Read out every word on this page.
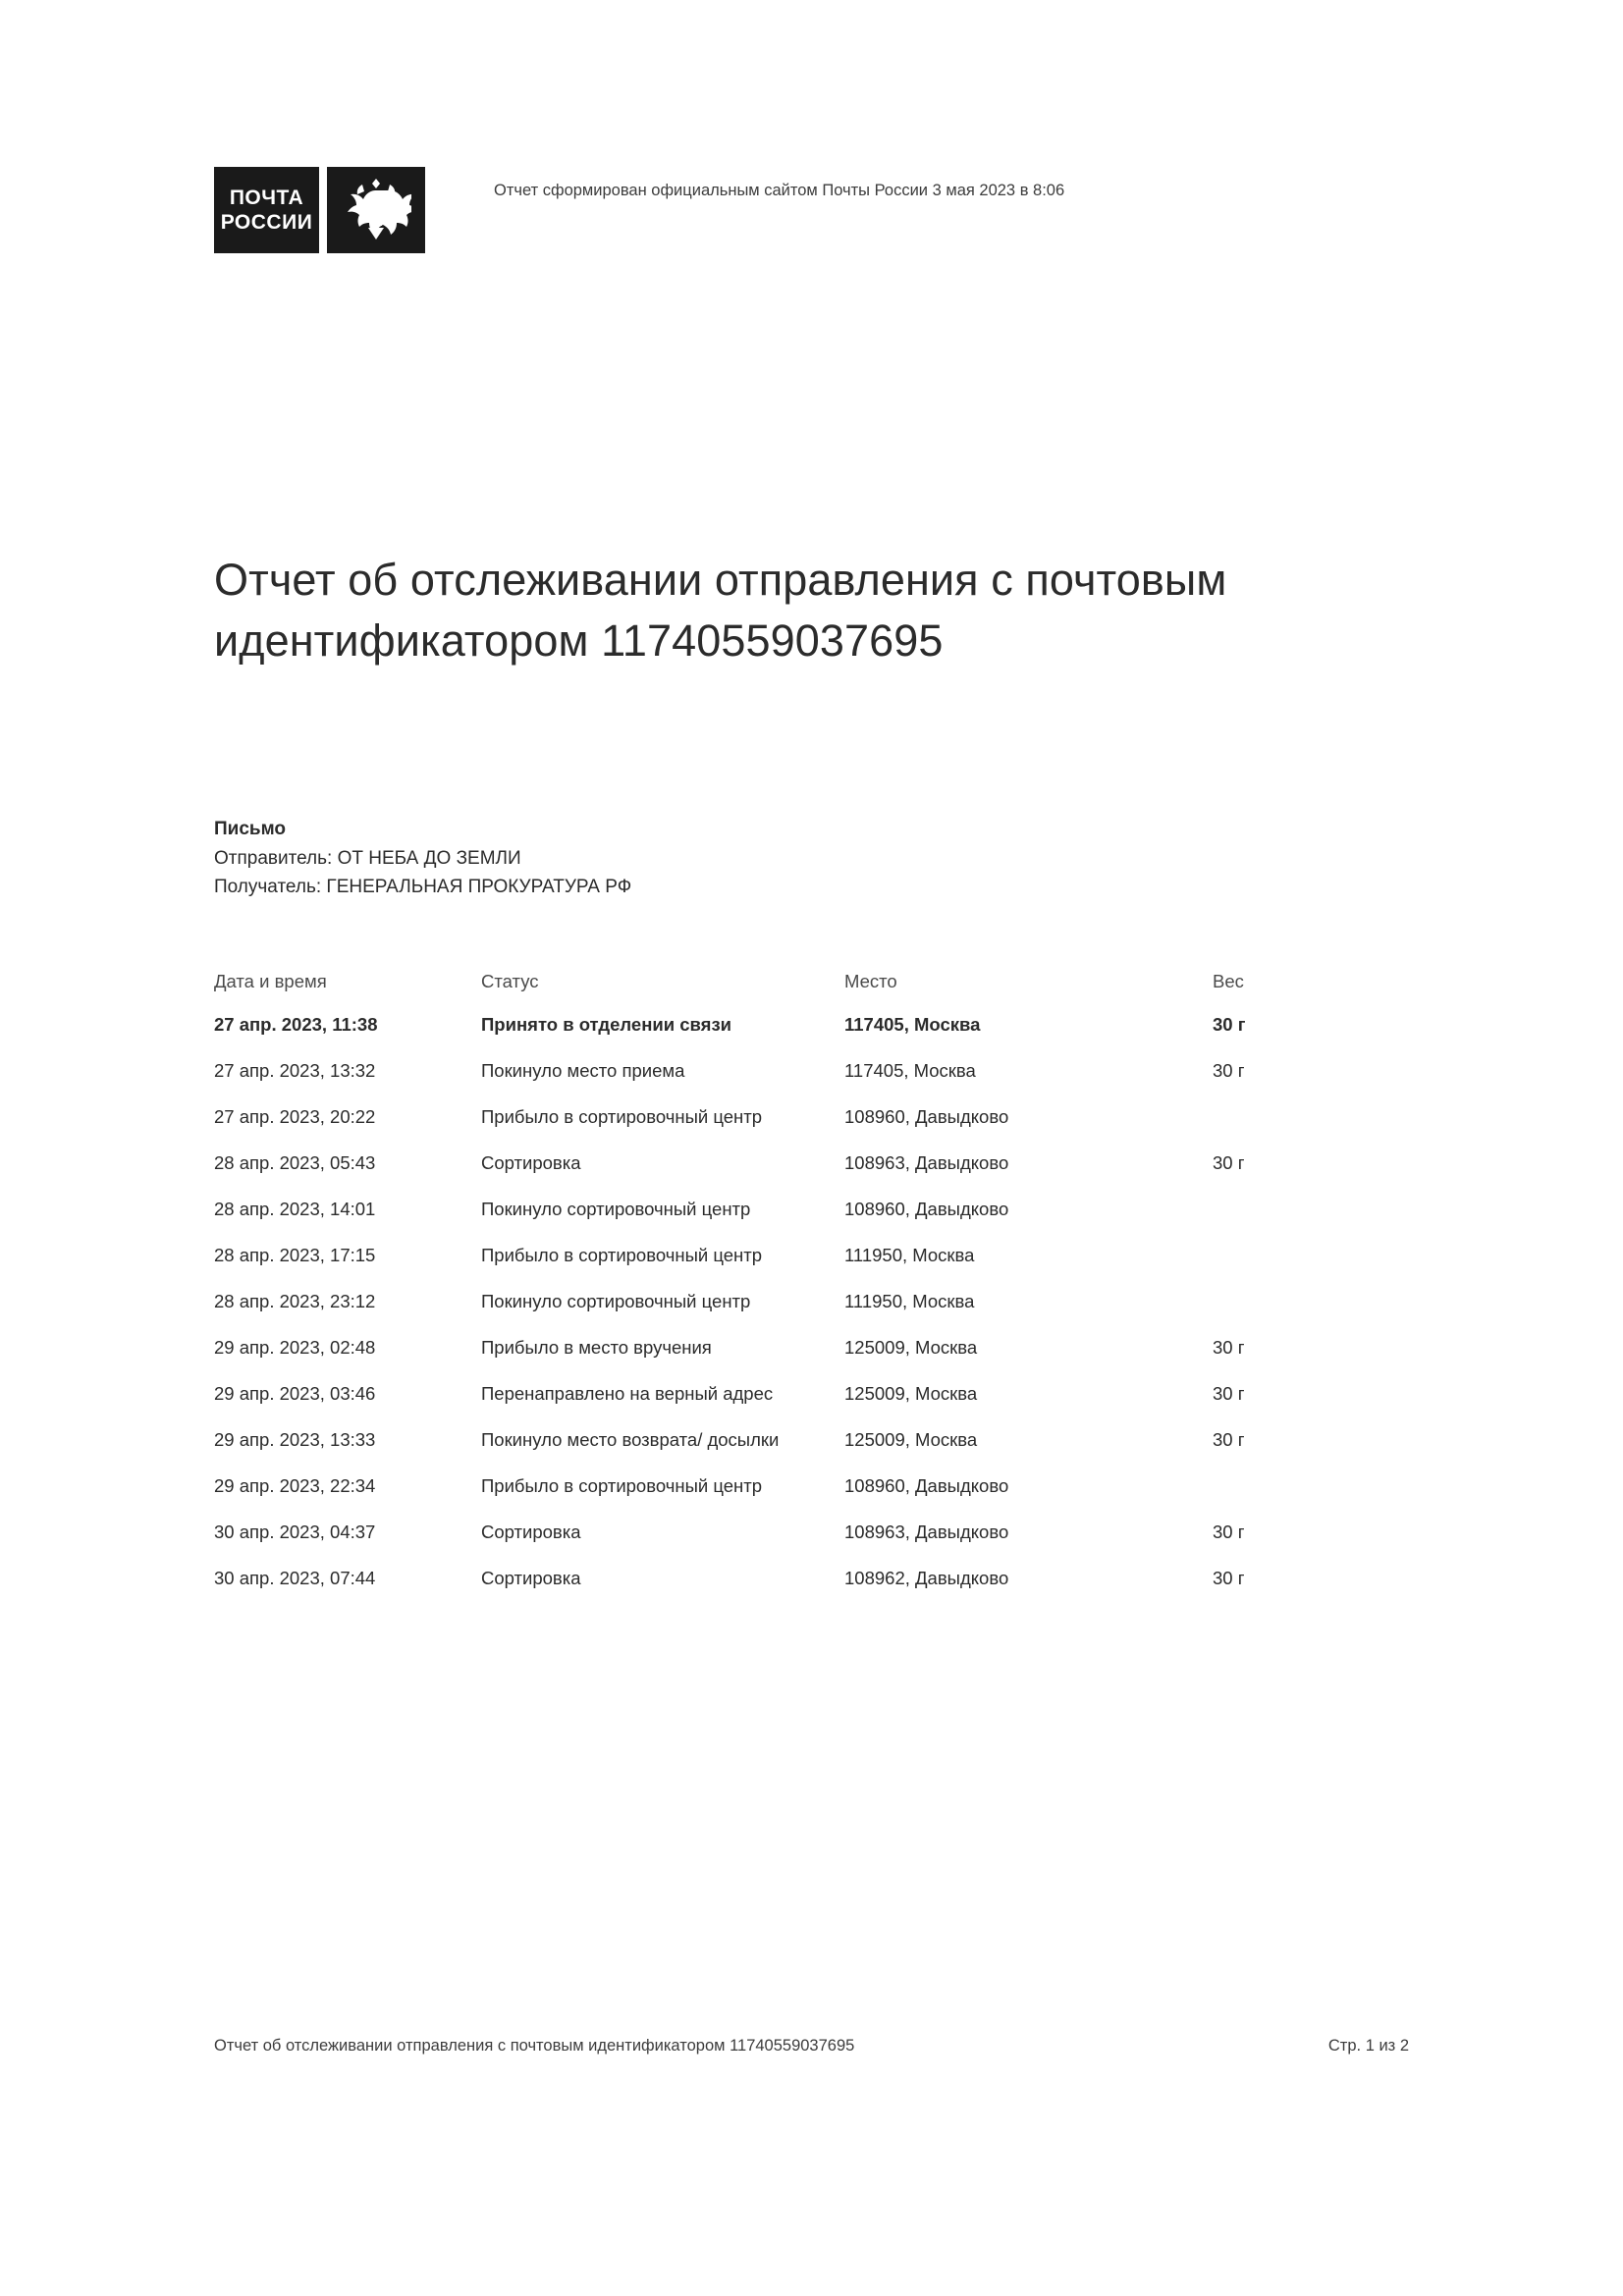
ПОЧТА
РОССИИ
Отчет сформирован официальным сайтом Почты России 3 мая 2023 в 8:06
Отчет об отслеживании отправления с почтовым идентификатором 11740559037695
Письмо
Отправитель: ОТ НЕБА ДО ЗЕМЛИ
Получатель: ГЕНЕРАЛЬНАЯ ПРОКУРАТУРА РФ
Дата и время	Статус	Место	Вес
27 апр. 2023, 11:38	Принято в отделении связи	117405, Москва	30 г
27 апр. 2023, 13:32	Покинуло место приема	117405, Москва	30 г
27 апр. 2023, 20:22	Прибыло в сортировочный центр	108960, Давыдково
28 апр. 2023, 05:43	Сортировка	108963, Давыдково	30 г
28 апр. 2023, 14:01	Покинуло сортировочный центр	108960, Давыдково
28 апр. 2023, 17:15	Прибыло в сортировочный центр	111950, Москва
28 апр. 2023, 23:12	Покинуло сортировочный центр	111950, Москва
29 апр. 2023, 02:48	Прибыло в место вручения	125009, Москва	30 г
29 апр. 2023, 03:46	Перенаправлено на верный адрес	125009, Москва	30 г
29 апр. 2023, 13:33	Покинуло место возврата/ досылки	125009, Москва	30 г
29 апр. 2023, 22:34	Прибыло в сортировочный центр	108960, Давыдково
30 апр. 2023, 04:37	Сортировка	108963, Давыдково	30 г
30 апр. 2023, 07:44	Сортировка	108962, Давыдково	30 г
Отчет об отслеживании отправления с почтовым идентификатором 11740559037695	Стр. 1 из 2
